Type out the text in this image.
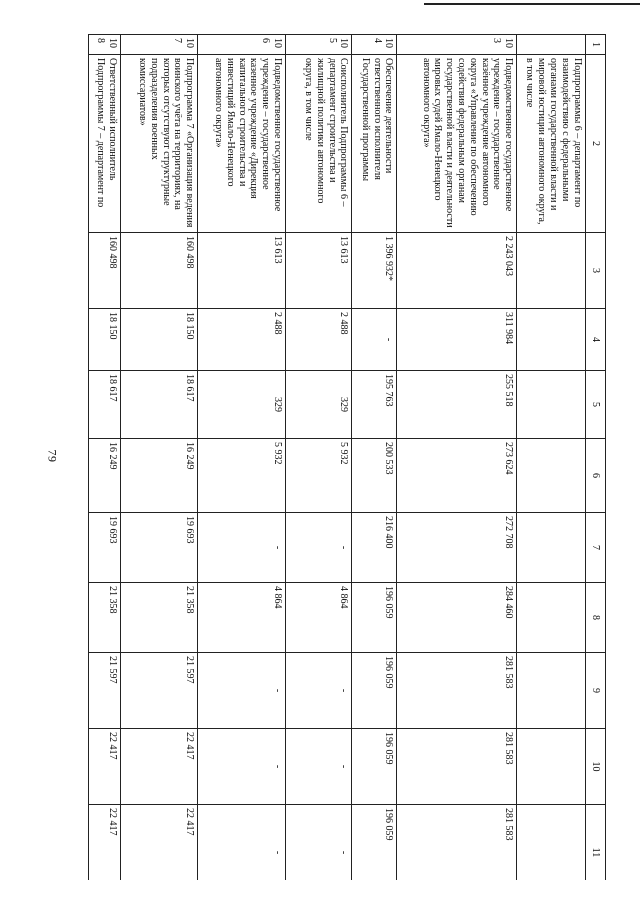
79
1	2	3	4	5	6	7	8	9	10	11
	Подпрограммы 6 – департамент по взаимодействию с федеральными органами государственной власти и мировой юстиции автономного округа, в том числе									
103	Подведомственное государственное учреждение – государственное казённое учреждение автономного округа «Управление по обеспечению содействия федеральным органам государственной власти и деятельности мировых судей Ямало-Ненецкого автономного округа»	2 243 043	311 984	255 518	273 624	272 708	284 460	281 583	281 583	281 583
104	Обеспечение деятельности ответственного исполнителя Государственной программы	1 396 932*	-	195 763	200 533	216 400	196 059	196 059	196 059	196 059
105	Соисполнитель Подпрограммы 6 – департамент строительства и жилищной политики автономного округа, в том числе	13 613	2 488	329	5 932	-	4 864	-	-	-
106	Подведомственное государственное учреждение – государственное казенное учреждение «Дирекция капитального строительства и инвестиций Ямало-Ненецкого автономного округа»	13 613	2 488	329	5 932	-	4 864	-	-	-
107	Подпрограмма 7 «Организация ведения воинского учёта на территориях, на которых отсутствуют структурные подразделения военных комиссариатов»	160 498	18 150	18 617	16 249	19 693	21 358	21 597	22 417	22 417
108	Ответственный исполнитель Подпрограммы 7 – департамент по	160 498	18 150	18 617	16 249	19 693	21 358	21 597	22 417	22 417
